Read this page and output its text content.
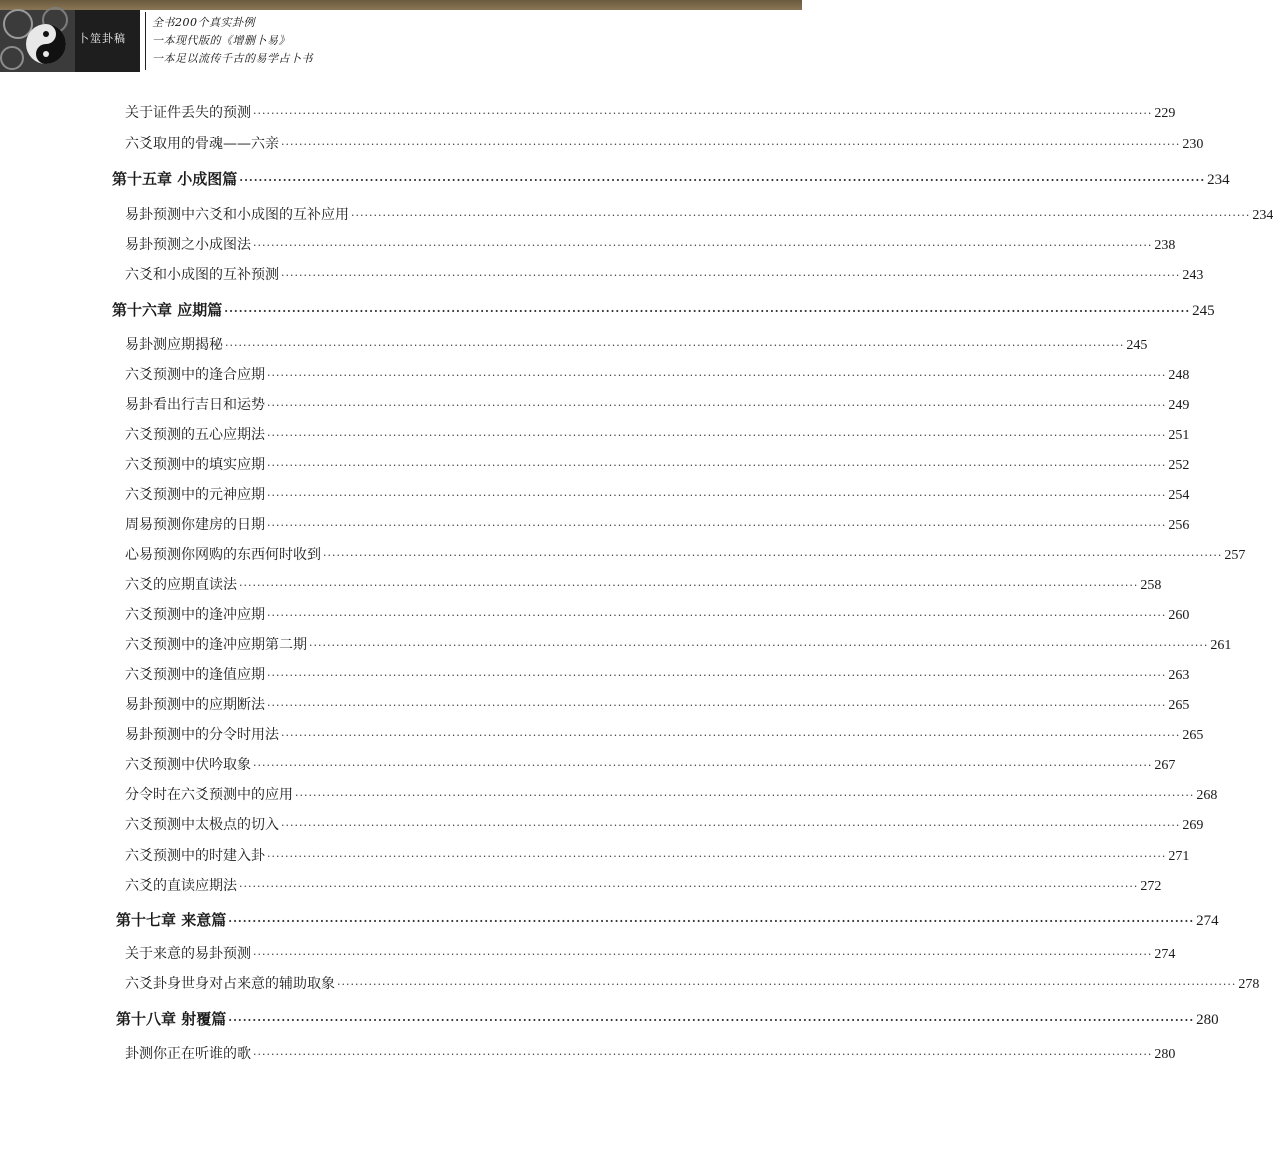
卜筮卦稿
全书200个真实卦例
一本现代版的《增删卜易》
一本足以流传千古的易学占卜书
关于证件丢失的预测 ········································································································································································································ 229
六爻取用的骨魂——六亲 ········································································································································································································ 230
第十五章 小成图篇 ········································································································································································································ 234
易卦预测中六爻和小成图的互补应用 ········································································································································································································ 234
易卦预测之小成图法 ········································································································································································································ 238
六爻和小成图的互补预测 ········································································································································································································ 243
第十六章 应期篇 ········································································································································································································ 245
易卦测应期揭秘 ········································································································································································································ 245
六爻预测中的逢合应期 ········································································································································································································ 248
易卦看出行吉日和运势 ········································································································································································································ 249
六爻预测的五心应期法 ········································································································································································································ 251
六爻预测中的填实应期 ········································································································································································································ 252
六爻预测中的元神应期 ········································································································································································································ 254
周易预测你建房的日期 ········································································································································································································ 256
心易预测你网购的东西何时收到 ········································································································································································································ 257
六爻的应期直读法 ········································································································································································································ 258
六爻预测中的逢冲应期 ········································································································································································································ 260
六爻预测中的逢冲应期第二期 ········································································································································································································ 261
六爻预测中的逢值应期 ········································································································································································································ 263
易卦预测中的应期断法 ········································································································································································································ 265
易卦预测中的分令时用法 ········································································································································································································ 265
六爻预测中伏吟取象 ········································································································································································································ 267
分令时在六爻预测中的应用 ········································································································································································································ 268
六爻预测中太极点的切入 ········································································································································································································ 269
六爻预测中的时建入卦 ········································································································································································································ 271
六爻的直读应期法 ········································································································································································································ 272
第十七章 来意篇 ········································································································································································································ 274
关于来意的易卦预测 ········································································································································································································ 274
六爻卦身世身对占来意的辅助取象 ········································································································································································································ 278
第十八章 射覆篇 ········································································································································································································ 280
卦测你正在听谁的歌 ········································································································································································································ 280
